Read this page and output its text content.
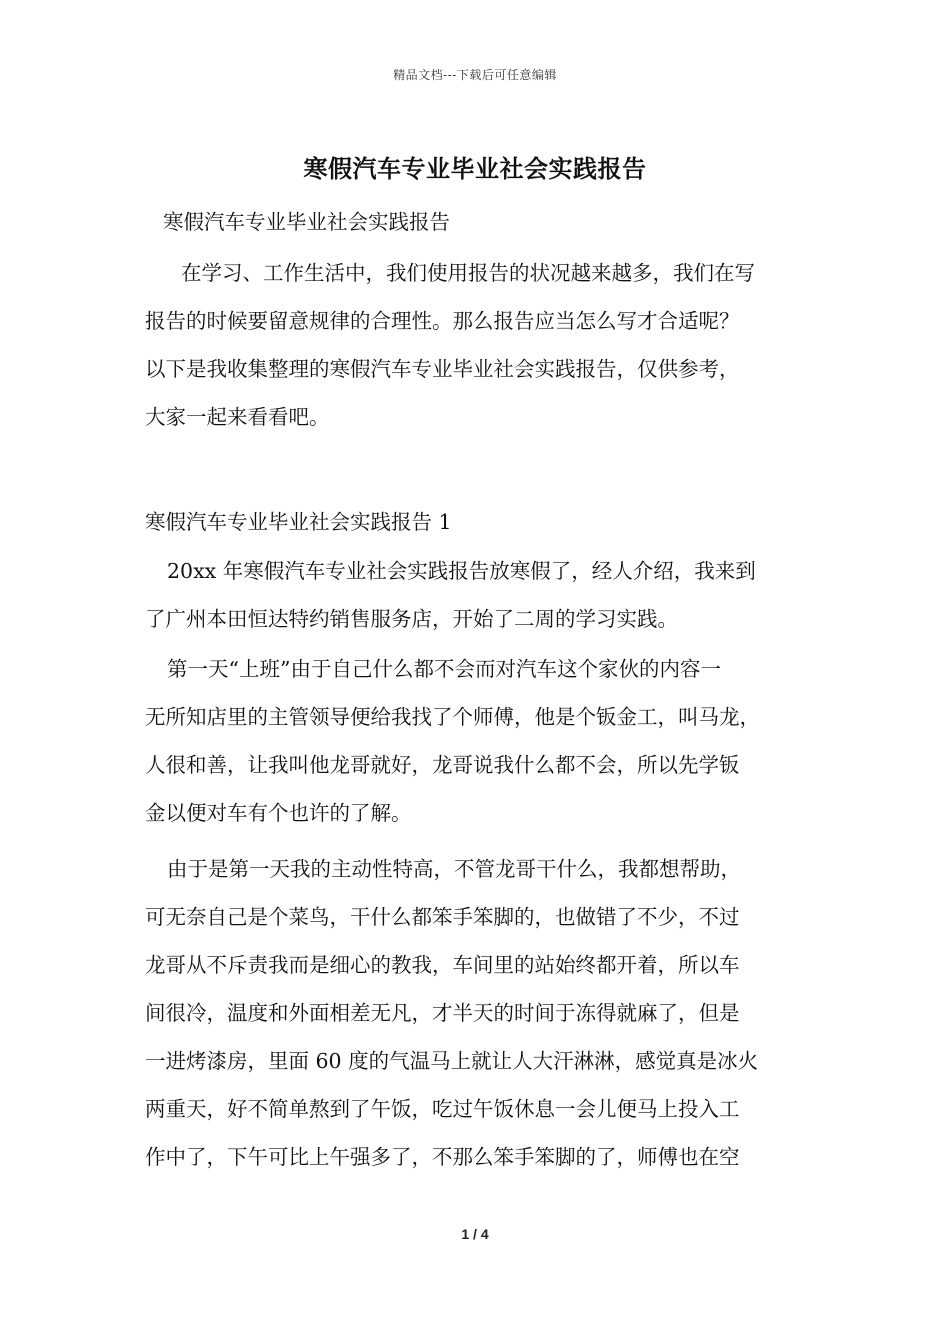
精品文档---下载后可任意编辑
寒假汽车专业毕业社会实践报告
寒假汽车专业毕业社会实践报告
在学习、工作生活中，我们使用报告的状况越来越多，我们在写
报告的时候要留意规律的合理性。那么报告应当怎么写才合适呢？
以下是我收集整理的寒假汽车专业毕业社会实践报告，仅供参考，
大家一起来看看吧。
寒假汽车专业毕业社会实践报告 1
20xx 年寒假汽车专业社会实践报告放寒假了，经人介绍，我来到
了广州本田恒达特约销售服务店，开始了二周的学习实践。
第一天“上班”由于自己什么都不会而对汽车这个家伙的内容一
无所知店里的主管领导便给我找了个师傅，他是个钣金工，叫马龙，
人很和善，让我叫他龙哥就好，龙哥说我什么都不会，所以先学钣
金以便对车有个也许的了解。
由于是第一天我的主动性特高，不管龙哥干什么，我都想帮助，
可无奈自己是个菜鸟，干什么都笨手笨脚的，也做错了不少，不过
龙哥从不斥责我而是细心的教我，车间里的站始终都开着，所以车
间很冷，温度和外面相差无凡，才半天的时间于冻得就麻了，但是
一进烤漆房，里面 60 度的气温马上就让人大汗淋淋，感觉真是冰火
两重天，好不简单熬到了午饭，吃过午饭休息一会儿便马上投入工
作中了，下午可比上午强多了，不那么笨手笨脚的了，师傅也在空
1 / 4
